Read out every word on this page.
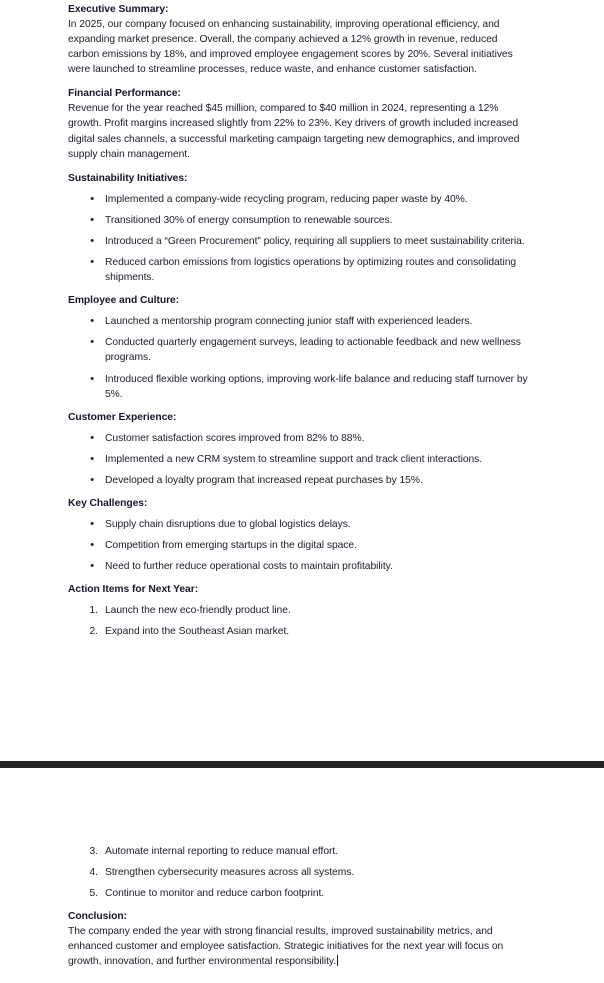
Executive Summary:

In 2025, our company focused on enhancing sustainability, improving operational efficiency, and expanding market presence. Overall, the company achieved a 12% growth in revenue, reduced carbon emissions by 18%, and improved employee engagement scores by 20%. Several initiatives were launched to streamline processes, reduce waste, and enhance customer satisfaction.

Financial Performance:

Revenue for the year reached $45 million, compared to $40 million in 2024, representing a 12% growth. Profit margins increased slightly from 22% to 23%. Key drivers of growth included increased digital sales channels, a successful marketing campaign targeting new demographics, and improved supply chain management.

Sustainability Initiatives:
• Implemented a company-wide recycling program, reducing paper waste by 40%.
• Transitioned 30% of energy consumption to renewable sources.
• Introduced a “Green Procurement” policy, requiring all suppliers to meet sustainability criteria.
• Reduced carbon emissions from logistics operations by optimizing routes and consolidating shipments.
Employee and Culture:
• Launched a mentorship program connecting junior staff with experienced leaders.
• Conducted quarterly engagement surveys, leading to actionable feedback and new wellness programs.
• Introduced flexible working options, improving work-life balance and reducing staff turnover by 5%.
Customer Experience:
• Customer satisfaction scores improved from 82% to 88%.
• Implemented a new CRM system to streamline support and track client interactions.
• Developed a loyalty program that increased repeat purchases by 15%.
Key Challenges:
• Supply chain disruptions due to global logistics delays.
• Competition from emerging startups in the digital space.
• Need to further reduce operational costs to maintain profitability.
Action Items for Next Year:
1. Launch the new eco-friendly product line.
2. Expand into the Southeast Asian market.
3. Automate internal reporting to reduce manual effort.
4. Strengthen cybersecurity measures across all systems.
5. Continue to monitor and reduce carbon footprint.
Conclusion:

The company ended the year with strong financial results, improved sustainability metrics, and enhanced customer and employee satisfaction. Strategic initiatives for the next year will focus on growth, innovation, and further environmental responsibility.
